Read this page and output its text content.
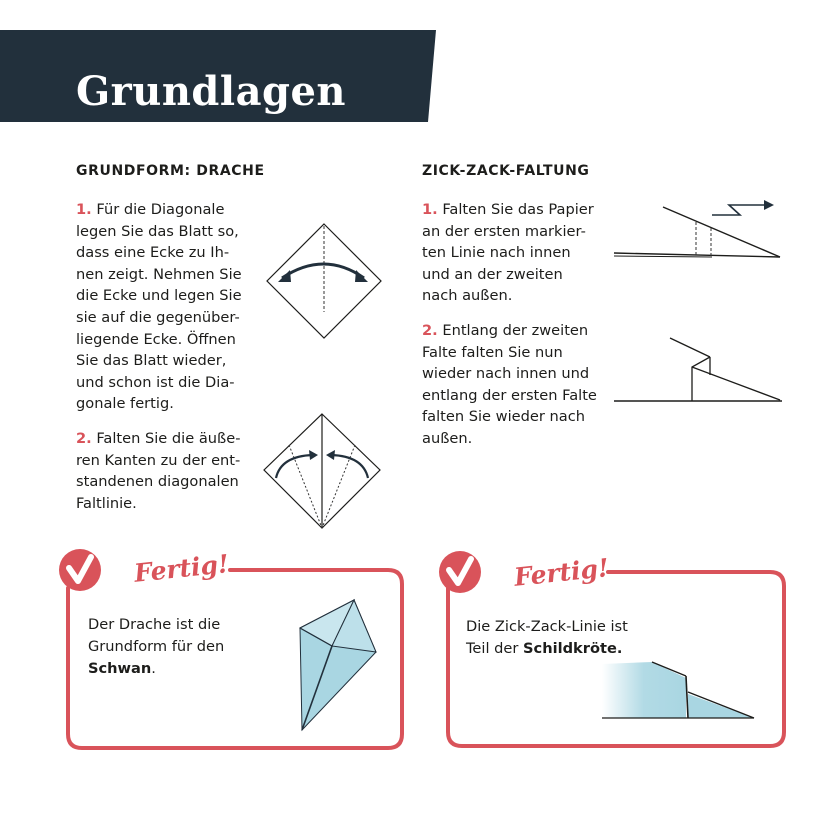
Grundlagen
GRUNDFORM: DRACHE
1. Für die Diagonale
legen Sie das Blatt so,
dass eine Ecke zu Ih-
nen zeigt. Nehmen Sie
die Ecke und legen Sie
sie auf die gegenüber-
liegende Ecke. Öffnen
Sie das Blatt wieder,
und schon ist die Dia-
gonale fertig.
2. Falten Sie die äuße-
ren Kanten zu der ent-
standenen diagonalen
Faltlinie.
ZICK-ZACK-FALTUNG
1. Falten Sie das Papier
an der ersten markier-
ten Linie nach innen
und an der zweiten
nach außen.
2. Entlang der zweiten
Falte falten Sie nun
wieder nach innen und
entlang der ersten Falte
falten Sie wieder nach
außen.
Fertig!
Der Drache ist die
Grundform für den
Schwan.
Fertig!
Die Zick-Zack-Linie ist
Teil der Schildkröte.
